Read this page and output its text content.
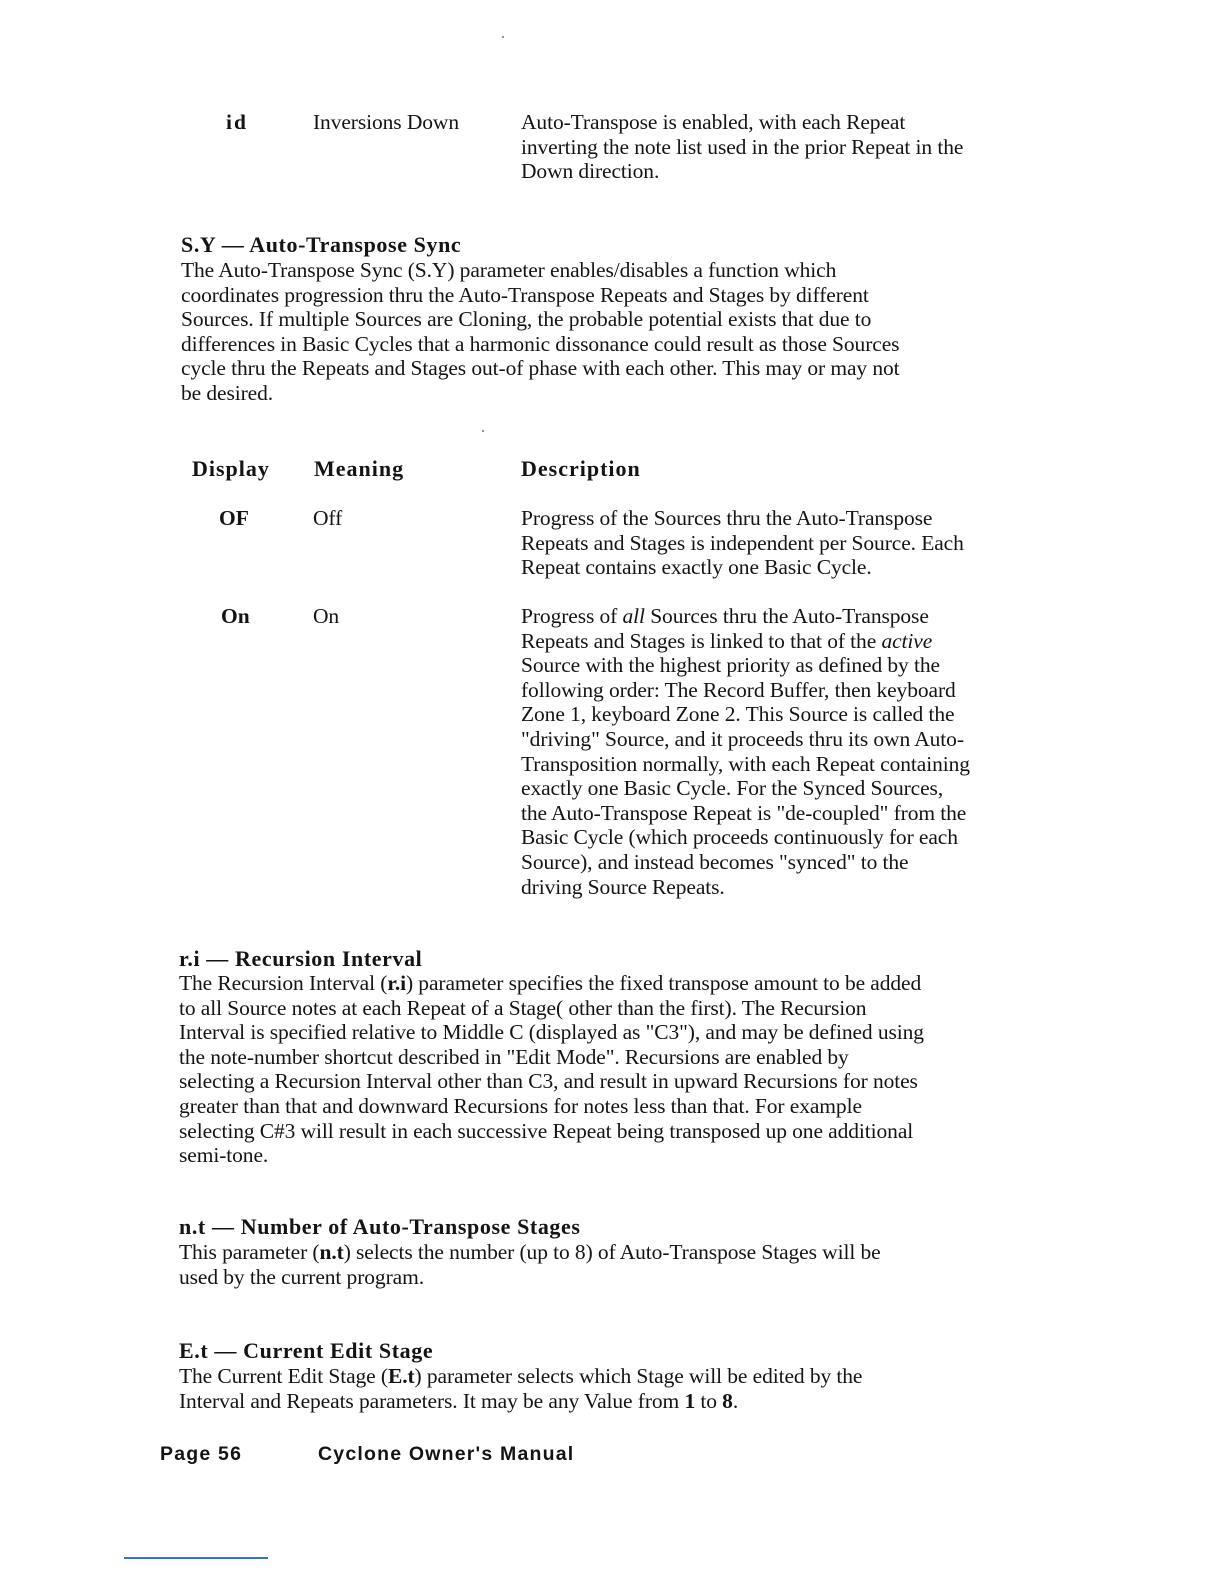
id	Inversions Down	Auto-Transpose is enabled, with each Repeat
inverting the note list used in the prior Repeat in the
Down direction.
S.Y — Auto-Transpose Sync
The Auto-Transpose Sync (S.Y) parameter enables/disables a function which
coordinates progression thru the Auto-Transpose Repeats and Stages by different
Sources. If multiple Sources are Cloning, the probable potential exists that due to
differences in Basic Cycles that a harmonic dissonance could result as those Sources
cycle thru the Repeats and Stages out-of phase with each other. This may or may not
be desired.
Display Meaning	Description
OF	Off	Progress of the Sources thru the Auto-Transpose
Repeats and Stages is independent per Source. Each
Repeat contains exactly one Basic Cycle.
On	On	Progress of all Sources thru the Auto-Transpose
Repeats and Stages is linked to that of the active
Source with the highest priority as defined by the
following order: The Record Buffer, then keyboard
Zone 1, keyboard Zone 2. This Source is called the
"driving" Source, and it proceeds thru its own Auto-
Transposition normally, with each Repeat containing
exactly one Basic Cycle. For the Synced Sources,
the Auto-Transpose Repeat is "de-coupled" from the
Basic Cycle (which proceeds continuously for each
Source), and instead becomes "synced" to the
driving Source Repeats.
r.i — Recursion Interval
The Recursion Interval (r.i) parameter specifies the fixed transpose amount to be added
to all Source notes at each Repeat of a Stage( other than the first). The Recursion
Interval is specified relative to Middle C (displayed as "C3"), and may be defined using
the note-number shortcut described in "Edit Mode". Recursions are enabled by
selecting a Recursion Interval other than C3, and result in upward Recursions for notes
greater than that and downward Recursions for notes less than that. For example
selecting C#3 will result in each successive Repeat being transposed up one additional
semi-tone.
n.t — Number of Auto-Transpose Stages
This parameter (n.t) selects the number (up to 8) of Auto-Transpose Stages will be
used by the current program.
E.t — Current Edit Stage
The Current Edit Stage (E.t) parameter selects which Stage will be edited by the
Interval and Repeats parameters. It may be any Value from 1 to 8.
Page 56	Cyclone Owner's Manual
